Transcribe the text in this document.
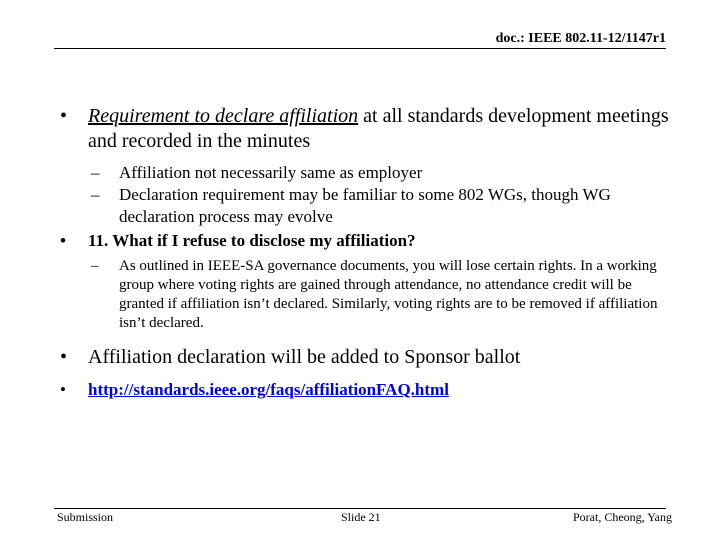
doc.: IEEE 802.11-12/1147r1
• Requirement to declare affiliation at all standards development meetings and recorded in the minutes
– Affiliation not necessarily same as employer
– Declaration requirement may be familiar to some 802 WGs, though WG declaration process may evolve
• 11. What if I refuse to disclose my affiliation?
– As outlined in IEEE-SA governance documents, you will lose certain rights. In a working group where voting rights are gained through attendance, no attendance credit will be granted if affiliation isn’t declared. Similarly, voting rights are to be removed if affiliation isn’t declared.
• Affiliation declaration will be added to Sponsor ballot
• http://standards.ieee.org/faqs/affiliationFAQ.html
Submission	Slide 21	Porat, Cheong, Yang
